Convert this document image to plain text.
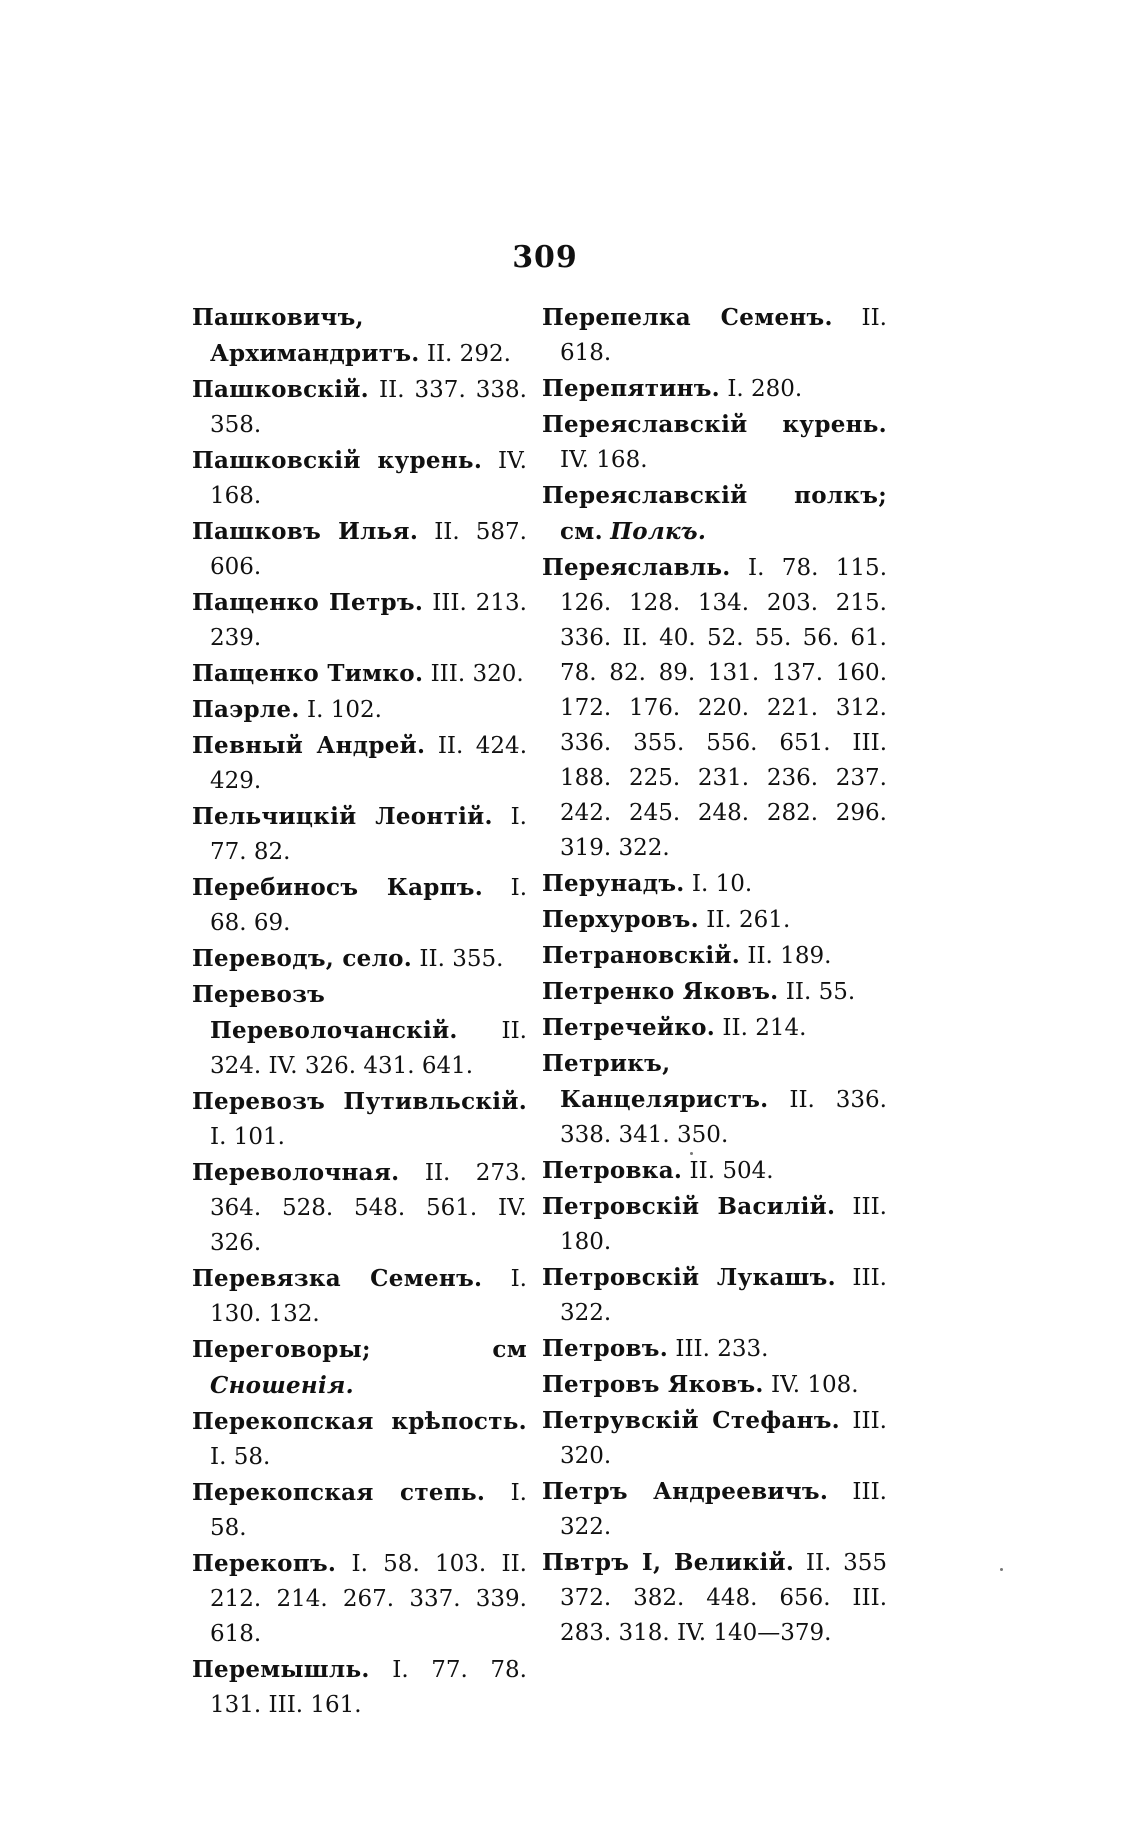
309
Пашковичъ, Архимандритъ. II. 292.
Пашковскій. II. 337. 338. 358.
Пашковскій курень. IV. 168.
Пашковъ Илья. II. 587. 606.
Пащенко Петръ. III. 213. 239.
Пащенко Тимко. III. 320.
Паэрле. I. 102.
Певный Андрей. II. 424. 429.
Пельчицкій Леонтій. I. 77. 82.
Перебиносъ Карпъ. I. 68. 69.
Переводъ, село. II. 355.
Перевозъ Переволочанскій. II. 324. IV. 326. 431. 641.
Перевозъ Путивльскій. I. 101.
Переволочная. II. 273. 364. 528. 548. 561. IV. 326.
Перевязка Семенъ. I. 130. 132.
Переговоры; см Сношенія.
Перекопская крѣпость. I. 58.
Перекопская степь. I. 58.
Перекопъ. I. 58. 103. II. 212. 214. 267. 337. 339. 618.
Перемышль. I. 77. 78. 131. III. 161.
Перепелка Семенъ. II. 618.
Перепятинъ. I. 280.
Переяславскій курень. IV. 168.
Переяславскій полкъ; см. Полкъ.
Переяславль. I. 78. 115. 126. 128. 134. 203. 215. 336. II. 40. 52. 55. 56. 61. 78. 82. 89. 131. 137. 160. 172. 176. 220. 221. 312. 336. 355. 556. 651. III. 188. 225. 231. 236. 237. 242. 245. 248. 282. 296. 319. 322.
Перунадъ. I. 10.
Перхуровъ. II. 261.
Петрановскій. II. 189.
Петренко Яковъ. II. 55.
Петречейко. II. 214.
Петрикъ, Канцеляристъ. II. 336. 338. 341. 350.
Петровка. II. 504.
Петровскій Василій. III. 180.
Петровскій Лукашъ. III. 322.
Петровъ. III. 233.
Петровъ Яковъ. IV. 108.
Петрувскій Стефанъ. III. 320.
Петръ Андреевичъ. III. 322.
Пвтръ I, Великій. II. 355 372. 382. 448. 656. III. 283. 318. IV. 140—379.
